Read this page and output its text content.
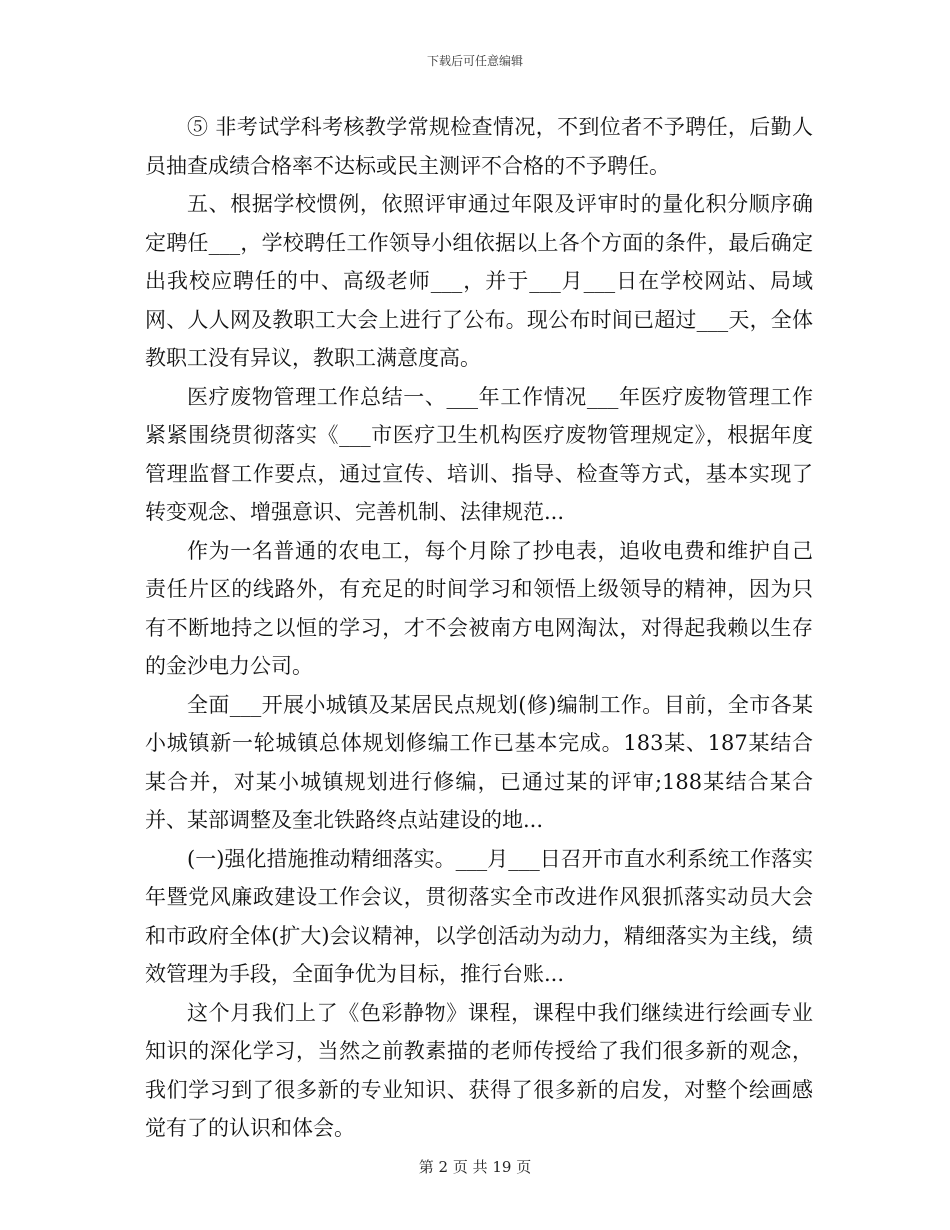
下载后可任意编辑

⑤ 非考试学科考核教学常规检查情况，不到位者不予聘任，后勤人员抽查成绩合格率不达标或民主测评不合格的不予聘任。

五、根据学校惯例，依照评审通过年限及评审时的量化积分顺序确定聘任___，学校聘任工作领导小组依据以上各个方面的条件，最后确定出我校应聘任的中、高级老师___，并于___月___日在学校网站、局域网、人人网及教职工大会上进行了公布。现公布时间已超过___天，全体教职工没有异议，教职工满意度高。

医疗废物管理工作总结一、___年工作情况___年医疗废物管理工作紧紧围绕贯彻落实《___市医疗卫生机构医疗废物管理规定》，根据年度管理监督工作要点，通过宣传、培训、指导、检查等方式，基本实现了转变观念、增强意识、完善机制、法律规范...

作为一名普通的农电工，每个月除了抄电表，追收电费和维护自己责任片区的线路外，有充足的时间学习和领悟上级领导的精神，因为只有不断地持之以恒的学习，才不会被南方电网淘汰，对得起我赖以生存的金沙电力公司。

全面___开展小城镇及某居民点规划(修)编制工作。目前，全市各某小城镇新一轮城镇总体规划修编工作已基本完成。183某、187某结合某合并，对某小城镇规划进行修编，已通过某的评审;188某结合某合并、某部调整及奎北铁路终点站建设的地...

(一)强化措施推动精细落实。___月___日召开市直水利系统工作落实年暨党风廉政建设工作会议，贯彻落实全市改进作风狠抓落实动员大会和市政府全体(扩大)会议精神，以学创活动为动力，精细落实为主线，绩效管理为手段，全面争优为目标，推行台账...

这个月我们上了《色彩静物》课程，课程中我们继续进行绘画专业知识的深化学习，当然之前教素描的老师传授给了我们很多新的观念，我们学习到了很多新的专业知识、获得了很多新的启发，对整个绘画感觉有了的认识和体会。

第 2 页 共 19 页
